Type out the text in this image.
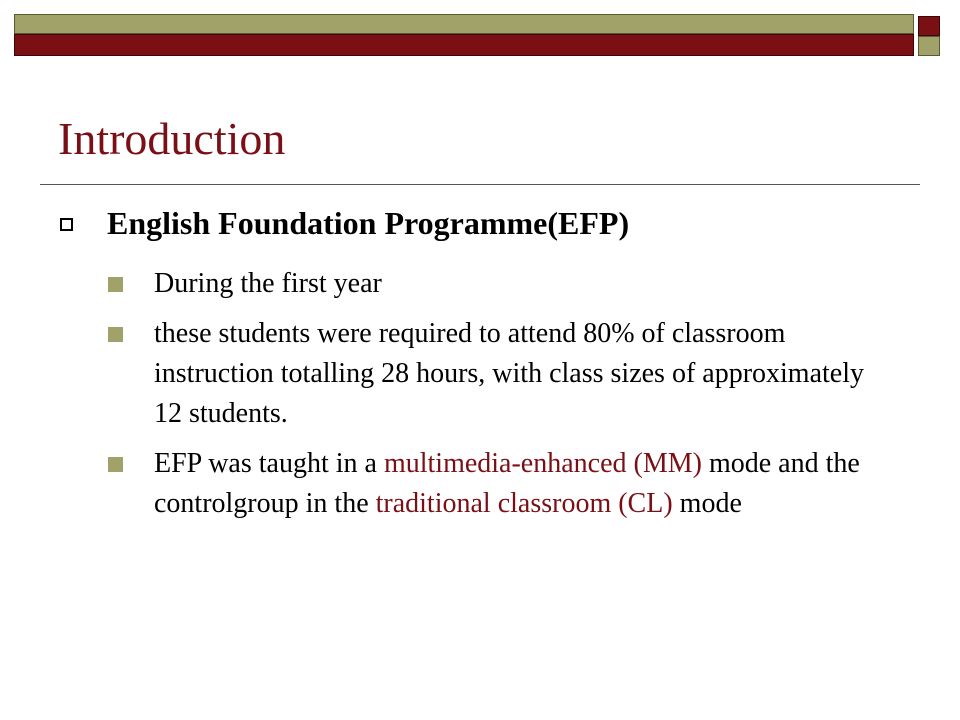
Introduction
English Foundation Programme(EFP)
During the first year
these students were required to attend 80% of classroom instruction totalling 28 hours, with class sizes of approximately 12 students.
EFP was taught in a multimedia-enhanced (MM) mode and the controlgroup in the traditional classroom (CL) mode
